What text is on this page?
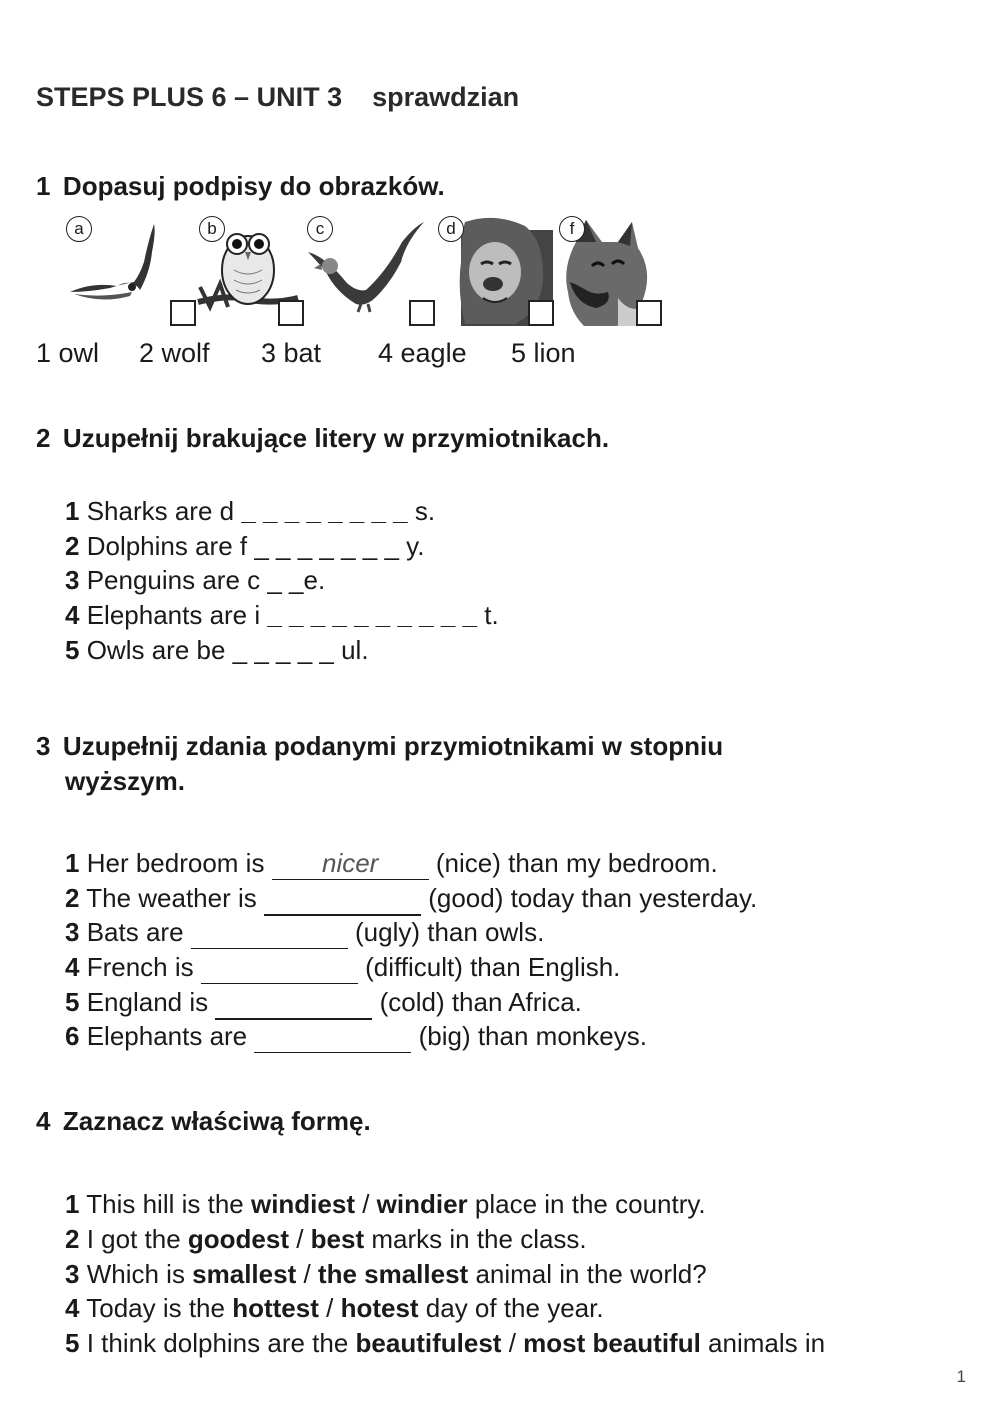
STEPS PLUS 6 – UNIT 3 sprawdzian
1 Dopasuj podpisy do obrazków.
a	b	c	d	f
1 owl 2 wolf 3 bat 4 eagle 5 lion
2 Uzupełnij brakujące litery w przymiotnikach.
1 Sharks are d _ _ _ _ _ _ _ _ s.
2 Dolphins are f _ _ _ _ _ _ _ y.
3 Penguins are c _ _e.
4 Elephants are i _ _ _ _ _ _ _ _ _ _ t.
5 Owls are be _ _ _ _ _ ul.
3 Uzupełnij zdania podanymi przymiotnikami w stopniu
wyższym.
1 Her bedroom is nicer (nice) than my bedroom.
2 The weather is	(good) today than yesterday.
3 Bats are	(ugly) than owls.
4 French is	(difficult) than English.
5 England is	(cold) than Africa.
6 Elephants are	(big) than monkeys.
4 Zaznacz właściwą formę.
1 This hill is the windiest / windier place in the country.
2 I got the goodest / best marks in the class.
3 Which is smallest / the smallest animal in the world?
4 Today is the hottest / hotest day of the year.
5 I think dolphins are the beautifulest / most beautiful animals in
1
